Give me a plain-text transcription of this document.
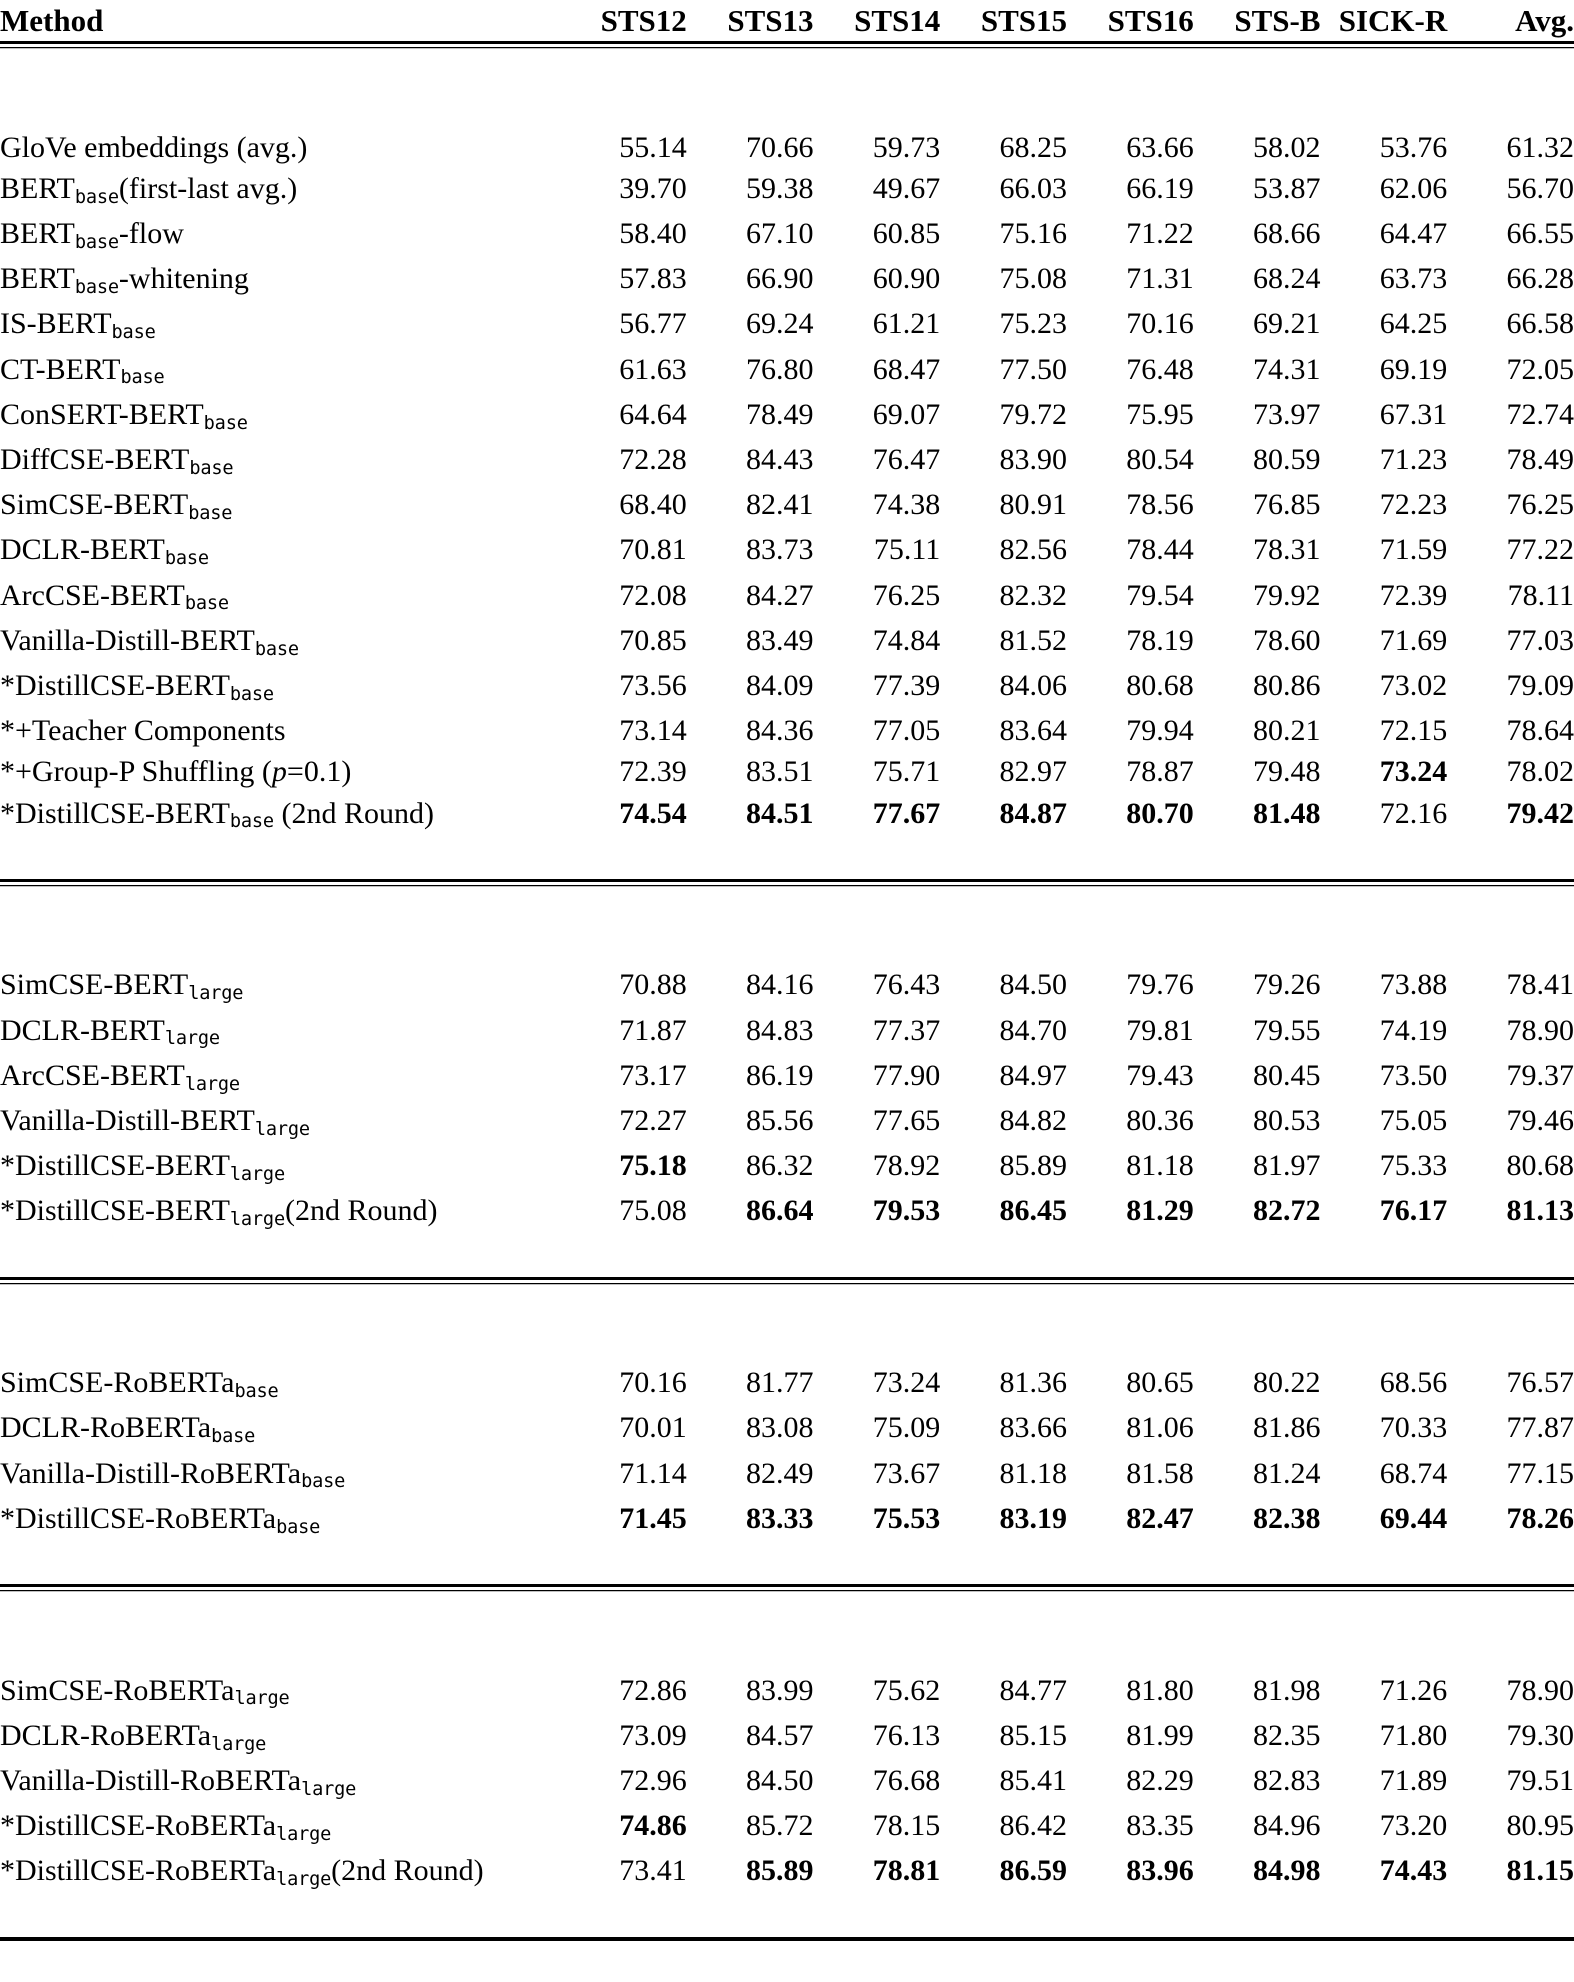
Method	STS12	STS13	STS14	STS15	STS16	STS-B	SICK-R	Avg.

GloVe embeddings (avg.)	55.14	70.66	59.73	68.25	63.66	58.02	53.76	61.32
$BERT_{base}(first$-last avg.)	39.70	59.38	49.67	66.03	66.19	53.87	62.06	56.70
$BERT_{base}$-flow	58.40	67.10	60.85	75.16	71.22	68.66	64.47	66.55
$BERT_{base}$-whitening	57.83	66.90	60.90	75.08	71.31	68.24	63.73	66.28
$IS-BERT_{base}$	56.77	69.24	61.21	75.23	70.16	69.21	64.25	66.58
$CT-BERT_{base}$	61.63	76.80	68.47	77.50	76.48	74.31	69.19	72.05
ConSERT-$BERT_{base}$	64.64	78.49	69.07	79.72	75.95	73.97	67.31	72.74
DiffCSE-$BERT_{base}$	72.28	84.43	76.47	83.90	80.54	80.59	71.23	78.49
SimCSE-$BERT_{base}$	68.40	82.41	74.38	80.91	78.56	76.85	72.23	76.25
DCLR-$BERT_{base}$	70.81	83.73	75.11	82.56	78.44	78.31	71.59	77.22
ArcCSE-$BERT_{base}$	72.08	84.27	76.25	82.32	79.54	79.92	72.39	78.11
Vanilla-$Distill-BERT_{base}$	70.85	83.49	74.84	81.52	78.19	78.60	71.69	77.03
$*DistillCSE-BERT_{base}$	73.56	84.09	77.39	84.06	80.68	80.86	73.02	79.09
*+Teacher Components	73.14	84.36	77.05	83.64	79.94	80.21	72.15	78.64
*+Group-P Shuffling (p=0.1)	72.39	83.51	75.71	82.97	78.87	79.48	73.24	78.02
$*DistillCSE-BERT_{base}$ (2nd Round)	74.54	84.51	77.67	84.87	80.70	81.48	72.16	79.42

SimCSE-$BERT_{large}$	70.88	84.16	76.43	84.50	79.76	79.26	73.88	78.41
DCLR-$BERT_{large}$	71.87	84.83	77.37	84.70	79.81	79.55	74.19	78.90
ArcCSE-$BERT_{large}$	73.17	86.19	77.90	84.97	79.43	80.45	73.50	79.37
Vanilla-$Distill-BERT_{large}$	72.27	85.56	77.65	84.82	80.36	80.53	75.05	79.46
$*DistillCSE-BERT_{large}$	75.18	86.32	78.92	85.89	81.18	81.97	75.33	80.68
$*DistillCSE-BERT_{large}(2nd$ Round)	75.08	86.64	79.53	86.45	81.29	82.72	76.17	81.13

SimCSE-RoBERTa$_{base}$	70.16	81.77	73.24	81.36	80.65	80.22	68.56	76.57
DCLR-RoBERTa$_{base}$	70.01	83.08	75.09	83.66	81.06	81.86	70.33	77.87
Vanilla-Distill-RoBERTa$_{base}$	71.14	82.49	73.67	81.18	81.58	81.24	68.74	77.15
*DistillCSE-RoBERTa$_{base}$	71.45	83.33	75.53	83.19	82.47	82.38	69.44	78.26

SimCSE-RoBERTa$_{large}$	72.86	83.99	75.62	84.77	81.80	81.98	71.26	78.90
DCLR-RoBERTa$_{large}$	73.09	84.57	76.13	85.15	81.99	82.35	71.80	79.30
Vanilla-Distill-RoBERTa$_{large}$	72.96	84.50	76.68	85.41	82.29	82.83	71.89	79.51
*DistillCSE-RoBERTa$_{large}$	74.86	85.72	78.15	86.42	83.35	84.96	73.20	80.95
*DistillCSE-RoBERTa$_{large}$(2nd Round)	73.41	85.89	78.81	86.59	83.96	84.98	74.43	81.15
